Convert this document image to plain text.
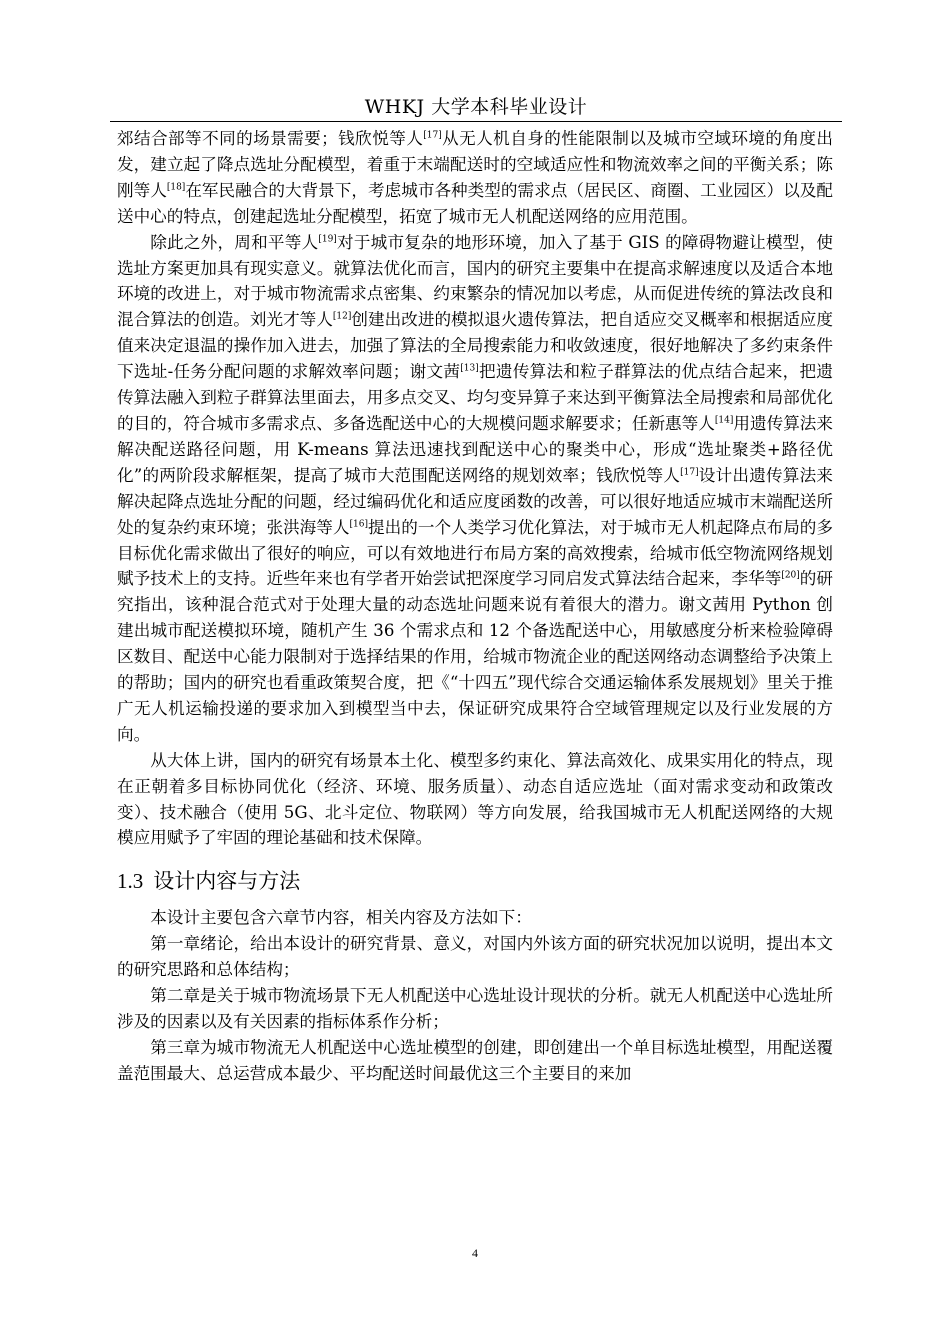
WHKJ 大学本科毕业设计

郊结合部等不同的场景需要；钱欣悦等人[17]从无人机自身的性能限制以及城市空域环境的角度出发，建立起了降点选址分配模型，着重于末端配送时的空域适应性和物流效率之间的平衡关系；陈刚等人[18]在军民融合的大背景下，考虑城市各种类型的需求点（居民区、商圈、工业园区）以及配送中心的特点，创建起选址分配模型，拓宽了城市无人机配送网络的应用范围。

除此之外，周和平等人[19]对于城市复杂的地形环境，加入了基于 GIS 的障碍物避让模型，使选址方案更加具有现实意义。就算法优化而言，国内的研究主要集中在提高求解速度以及适合本地环境的改进上，对于城市物流需求点密集、约束繁杂的情况加以考虑，从而促进传统的算法改良和混合算法的创造。刘光才等人[12]创建出改进的模拟退火遗传算法，把自适应交叉概率和根据适应度值来决定退温的操作加入进去，加强了算法的全局搜索能力和收敛速度，很好地解决了多约束条件下选址-任务分配问题的求解效率问题；谢文茜[13]把遗传算法和粒子群算法的优点结合起来，把遗传算法融入到粒子群算法里面去，用多点交叉、均匀变异算子来达到平衡算法全局搜索和局部优化的目的，符合城市多需求点、多备选配送中心的大规模问题求解要求；任新惠等人[14]用遗传算法来解决配送路径问题，用 K-means 算法迅速找到配送中心的聚类中心，形成“选址聚类+路径优化”的两阶段求解框架，提高了城市大范围配送网络的规划效率；钱欣悦等人[17]设计出遗传算法来解决起降点选址分配的问题，经过编码优化和适应度函数的改善，可以很好地适应城市末端配送所处的复杂约束环境；张洪海等人[16]提出的一个人类学习优化算法，对于城市无人机起降点布局的多目标优化需求做出了很好的响应，可以有效地进行布局方案的高效搜索，给城市低空物流网络规划赋予技术上的支持。近些年来也有学者开始尝试把深度学习同启发式算法结合起来，李华等[20]的研究指出，该种混合范式对于处理大量的动态选址问题来说有着很大的潜力。谢文茜用 Python 创建出城市配送模拟环境，随机产生 36 个需求点和 12 个备选配送中心，用敏感度分析来检验障碍区数目、配送中心能力限制对于选择结果的作用，给城市物流企业的配送网络动态调整给予决策上的帮助；国内的研究也看重政策契合度，把《“十四五”现代综合交通运输体系发展规划》里关于推广无人机运输投递的要求加入到模型当中去，保证研究成果符合空域管理规定以及行业发展的方向。

从大体上讲，国内的研究有场景本土化、模型多约束化、算法高效化、成果实用化的特点，现在正朝着多目标协同优化（经济、环境、服务质量）、动态自适应选址（面对需求变动和政策改变）、技术融合（使用 5G、北斗定位、物联网）等方向发展，给我国城市无人机配送网络的大规模应用赋予了牢固的理论基础和技术保障。

1.3 设计内容与方法

本设计主要包含六章节内容，相关内容及方法如下：

第一章绪论，给出本设计的研究背景、意义，对国内外该方面的研究状况加以说明，提出本文的研究思路和总体结构；

第二章是关于城市物流场景下无人机配送中心选址设计现状的分析。就无人机配送中心选址所涉及的因素以及有关因素的指标体系作分析；

第三章为城市物流无人机配送中心选址模型的创建，即创建出一个单目标选址模型，用配送覆盖范围最大、总运营成本最少、平均配送时间最优这三个主要目的来加

4
